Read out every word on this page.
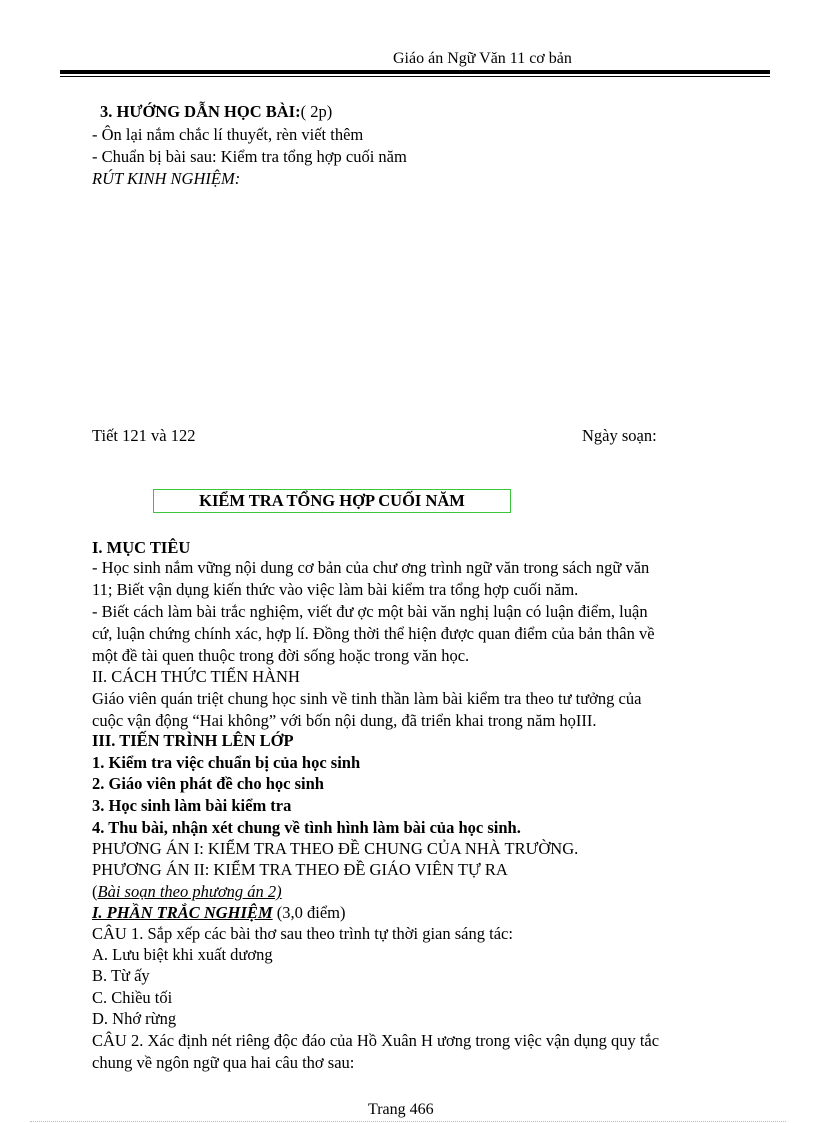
Giáo án Ngữ Văn 11 cơ bản
3. HƯỚNG DẪN HỌC BÀI:( 2p)
- Ôn lại nắm chắc lí thuyết, rèn viết thêm
- Chuẩn bị bài sau: Kiểm tra tổng hợp cuối năm
RÚT KINH NGHIỆM:
Tiết 121 và 122	Ngày soạn:
KIỂM TRA TỔNG HỢP CUỐI NĂM
I. MỤC TIÊU
- Học sinh nắm vững nội dung cơ bản của chư ơng trình ngữ văn trong sách ngữ văn
11; Biết vận dụng kiến thức vào việc làm bài kiểm tra tổng hợp cuối năm.
- Biết cách làm bài trắc nghiệm, viết đư ợc một bài văn nghị luận có luận điểm, luận
cứ, luận chứng chính xác, hợp lí. Đồng thời thể hiện được quan điểm của bản thân về
một đề tài quen thuộc trong đời sống hoặc trong văn học.
II. CÁCH THỨC TIẾN HÀNH
Giáo viên quán triệt chung học sinh về tinh thần làm bài kiểm tra theo tư tưởng của
cuộc vận động “Hai không” với bốn nội dung, đã triển khai trong năm họIII.
III. TIẾN TRÌNH LÊN LỚP
1. Kiểm tra việc chuẩn bị của học sinh
2. Giáo viên phát đề cho học sinh
3. Học sinh làm bài kiểm tra
4. Thu bài, nhận xét chung về tình hình làm bài của học sinh.
PHƯƠNG ÁN I: KIỂM TRA THEO ĐỀ CHUNG CỦA NHÀ TRƯỜNG.
PHƯƠNG ÁN II: KIỂM TRA THEO ĐỀ GIÁO VIÊN TỰ RA
(Bài soạn theo phương án 2)
I. PHẦN TRẮC NGHIỆM (3,0 điểm)
CÂU 1. Sắp xếp các bài thơ sau theo trình tự thời gian sáng tác:
A. Lưu biệt khi xuất dương
B. Từ ấy
C. Chiều tối
D. Nhớ rừng
CÂU 2. Xác định nét riêng độc đáo của Hồ Xuân H ương trong việc vận dụng quy tắc
chung về ngôn ngữ qua hai câu thơ sau:
Trang 466
